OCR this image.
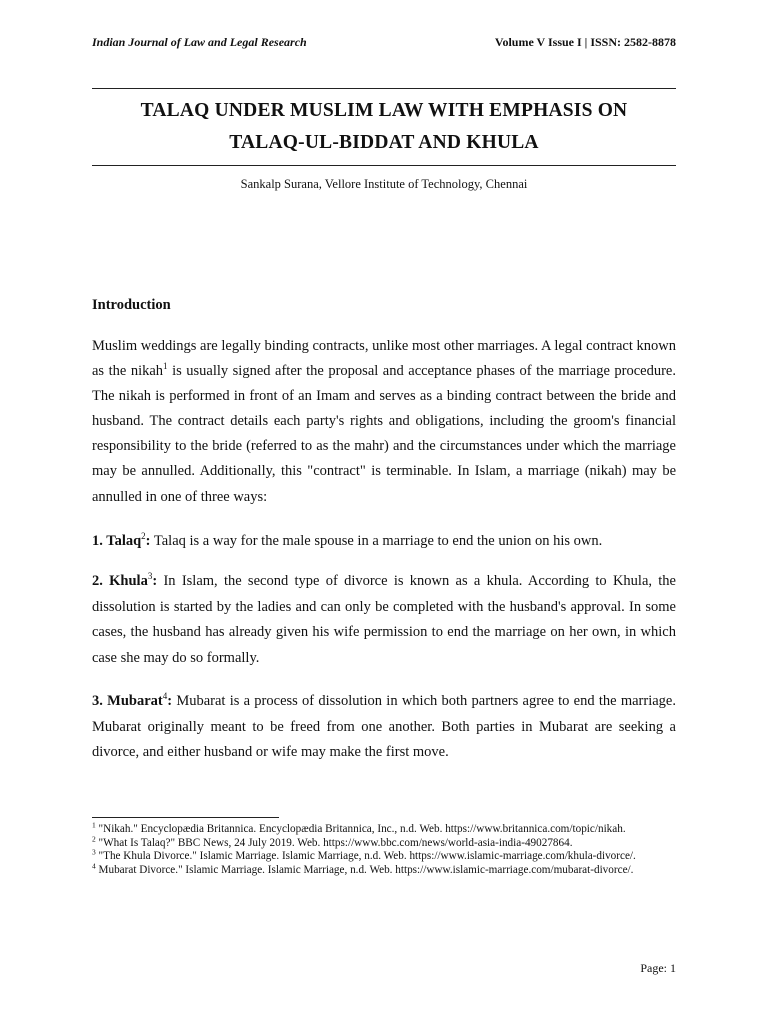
Indian Journal of Law and Legal Research	Volume V Issue I | ISSN: 2582-8878
TALAQ UNDER MUSLIM LAW WITH EMPHASIS ON
TALAQ-UL-BIDDAT AND KHULA
Sankalp Surana, Vellore Institute of Technology, Chennai

Introduction

Muslim weddings are legally binding contracts, unlike most other marriages. A legal contract known as the nikah$^1$ is usually signed after the proposal and acceptance phases of the marriage procedure. The nikah is performed in front of an Imam and serves as a binding contract between the bride and husband. The contract details each party's rights and obligations, including the groom's financial responsibility to the bride (referred to as the mahr) and the circumstances under which the marriage may be annulled. Additionally, this "contract" is terminable. In Islam, a marriage (nikah) may be annulled in one of three ways:

1. Talaq$^2$: Talaq is a way for the male spouse in a marriage to end the union on his own.

2. Khula$^3$: In Islam, the second type of divorce is known as a khula. According to Khula, the dissolution is started by the ladies and can only be completed with the husband's approval. In some cases, the husband has already given his wife permission to end the marriage on her own, in which case she may do so formally.

3. Mubarat$^4$: Mubarat is a process of dissolution in which both partners agree to end the marriage. Mubarat originally meant to be freed from one another. Both parties in Mubarat are seeking a divorce, and either husband or wife may make the first move.

$^1$ "Nikah." Encyclopædia Britannica. Encyclopædia Britannica, Inc., n.d. Web. https://www.britannica.com/topic/nikah.

$^2$ "What Is Talaq?" BBC News, 24 July 2019. Web. https://www.bbc.com/news/world-asia-india-49027864.

$^3$ "The Khula Divorce." Islamic Marriage. Islamic Marriage, n.d. Web. https://www.islamic-marriage.com/khula-divorce/.

$^4$ Mubarat Divorce." Islamic Marriage. Islamic Marriage, n.d. Web. https://www.islamic-marriage.com/mubarat-divorce/.

Page: 1
